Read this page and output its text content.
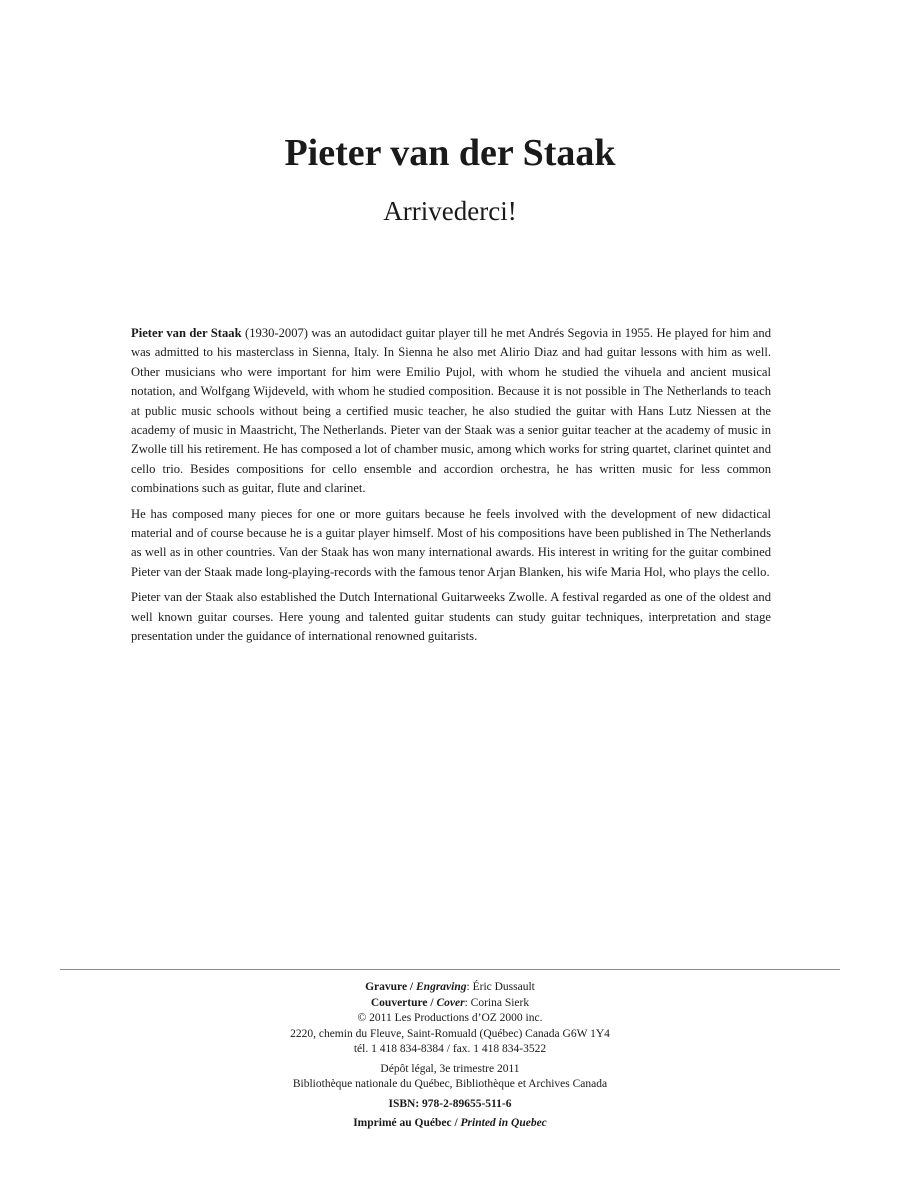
Pieter van der Staak
Arrivederci!

Pieter van der Staak (1930-2007) was an autodidact guitar player till he met Andrés Segovia in 1955. He played for him and was admitted to his masterclass in Sienna, Italy. In Sienna he also met Alirio Diaz and had guitar lessons with him as well. Other musicians who were important for him were Emilio Pujol, with whom he studied the vihuela and ancient musical notation, and Wolfgang Wijdeveld, with whom he studied composition. Because it is not possible in The Netherlands to teach at public music schools without being a certified music teacher, he also studied the guitar with Hans Lutz Niessen at the academy of music in Maastricht, The Netherlands. Pieter van der Staak was a senior guitar teacher at the academy of music in Zwolle till his retirement. He has composed a lot of chamber music, among which works for string quartet, clarinet quintet and cello trio. Besides compositions for cello ensemble and accordion orchestra, he has written music for less common combinations such as guitar, flute and clarinet.

He has composed many pieces for one or more guitars because he feels involved with the development of new didactical material and of course because he is a guitar player himself. Most of his compositions have been published in The Netherlands as well as in other countries. Van der Staak has won many international awards. His interest in writing for the guitar combined Pieter van der Staak made long-playing-records with the famous tenor Arjan Blanken, his wife Maria Hol, who plays the cello.

Pieter van der Staak also established the Dutch International Guitarweeks Zwolle. A festival regarded as one of the oldest and well known guitar courses. Here young and talented guitar students can study guitar techniques, interpretation and stage presentation under the guidance of international renowned guitarists.

Gravure / Engraving: Éric Dussault
Couverture / Cover: Corina Sierk
© 2011 Les Productions d’OZ 2000 inc.
2220, chemin du Fleuve, Saint-Romuald (Québec) Canada G6W 1Y4
tél. 1 418 834-8384 / fax. 1 418 834-3522
Dépôt légal, 3e trimestre 2011
Bibliothèque nationale du Québec, Bibliothèque et Archives Canada
ISBN: 978-2-89655-511-6
Imprimé au Québec / Printed in Quebec
